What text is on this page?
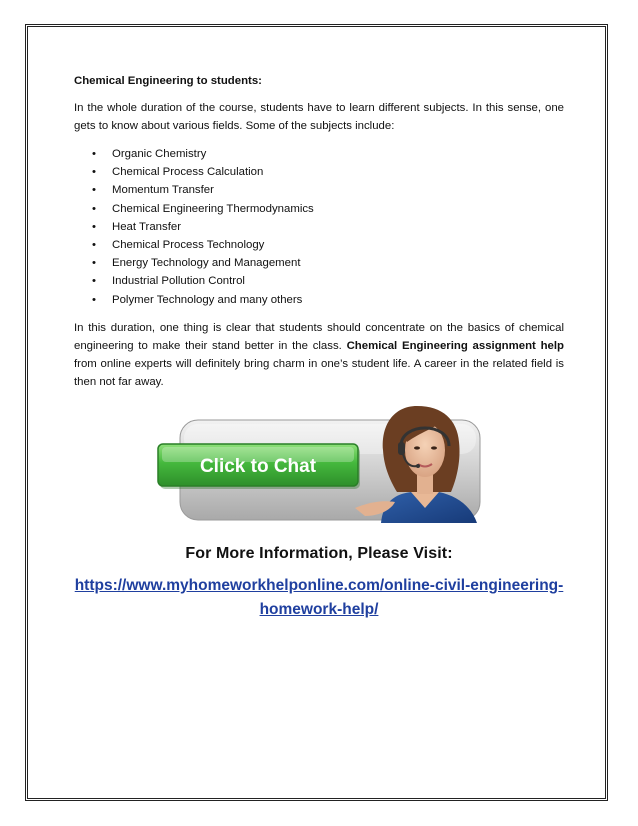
Chemical Engineering to students:

In the whole duration of the course, students have to learn different subjects. In this sense, one gets to know about various fields. Some of the subjects include:

• Organic Chemistry
• Chemical Process Calculation
• Momentum Transfer
• Chemical Engineering Thermodynamics
• Heat Transfer
• Chemical Process Technology
• Energy Technology and Management
• Industrial Pollution Control
• Polymer Technology and many others

In this duration, one thing is clear that students should concentrate on the basics of chemical engineering to make their stand better in the class. Chemical Engineering assignment help from online experts will definitely bring charm in one’s student life. A career in the related field is then not far away.

Click to Chat
For More Information, Please Visit:
https://www.myhomeworkhelponline.com/online-civil-engineering-homework-help/
